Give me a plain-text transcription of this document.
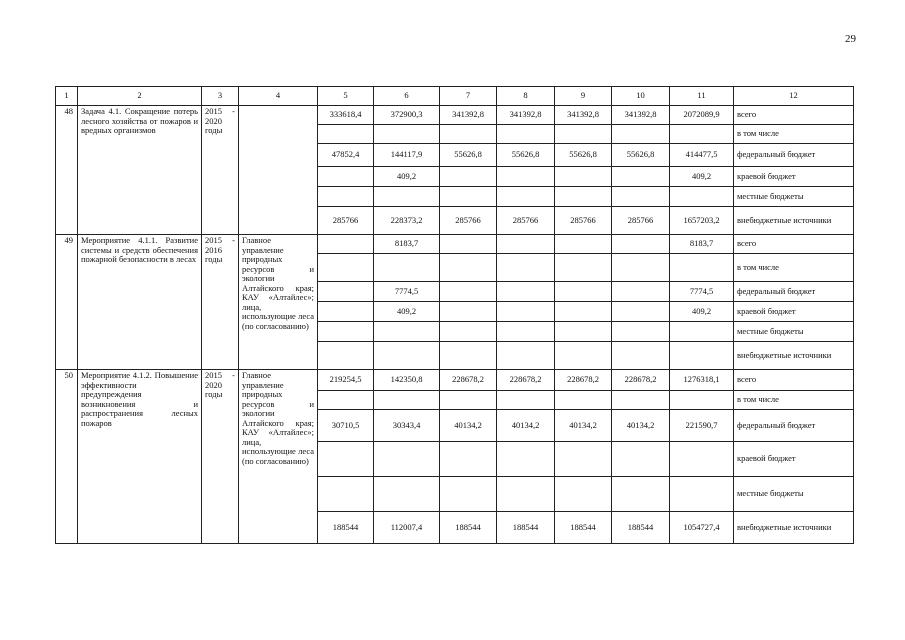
29
1	2	3	4	5	6	7	8	9	10	11	12
48	Задача 4.1. Сокращение потерь лесного хозяйства от пожаров и вредных организмов	2015 - 2020 годы		333618,4	372900,3	341392,8	341392,8	341392,8	341392,8	2072089,9	всего
											в том числе
				47852,4	144117,9	55626,8	55626,8	55626,8	55626,8	414477,5	федеральный бюджет
					409,2					409,2	краевой бюджет
											местные бюджеты
				285766	228373,2	285766	285766	285766	285766	1657203,2	внебюджетные источники
49	Мероприятие 4.1.1. Развитие системы и средств обеспечения пожарной безопасности в лесах	2015 - 2016 годы	Главное управление природных ресурсов и экологии Алтайского края; КАУ «Алтайлес»; лица, использующие леса (по согласованию)		8183,7					8183,7	всего
											в том числе
					7774,5					7774,5	федеральный бюджет
					409,2					409,2	краевой бюджет
											местные бюджеты
											внебюджетные источники
50	Мероприятие 4.1.2. Повышение эффективности предупреждения возникновения и распространения лесных пожаров	2015 - 2020 годы	Главное управление природных ресурсов и экологии Алтайского края; КАУ «Алтайлес»; лица, использующие леса (по согласованию)	219254,5	142350,8	228678,2	228678,2	228678,2	228678,2	1276318,1	всего
											в том числе
				30710,5	30343,4	40134,2	40134,2	40134,2	40134,2	221590,7	федеральный бюджет
											краевой бюджет
											местные бюджеты
				188544	112007,4	188544	188544	188544	188544	1054727,4	внебюджетные источники
